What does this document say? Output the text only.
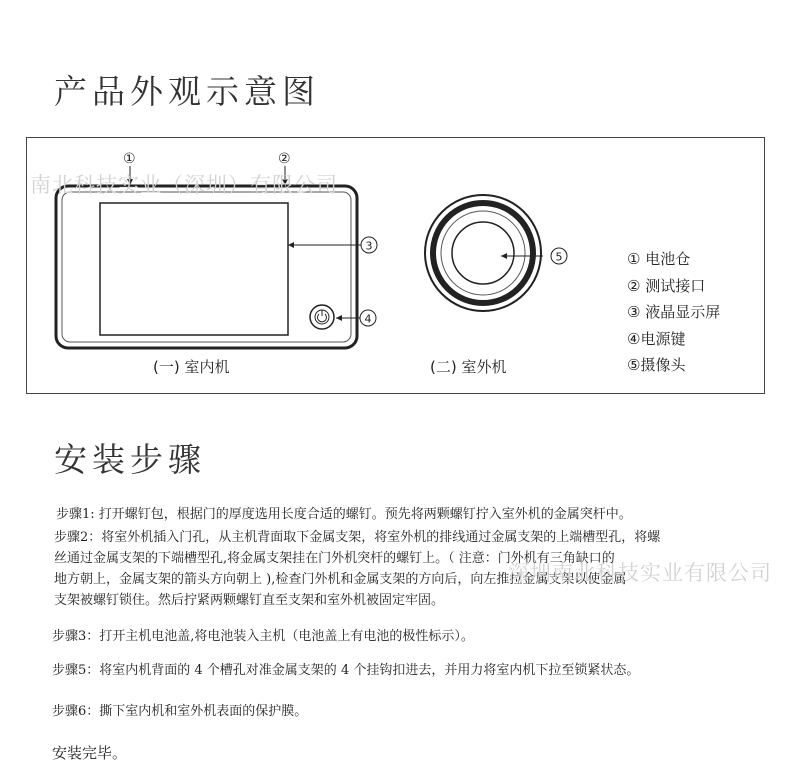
产品外观示意图
①	②
3
4
5
(一) 室内机	(二) 室外机
① 电池仓
② 测试接口
③ 液晶显示屏
④电源键
⑤摄像头
南北科技实业（深圳）有限公司
安装步骤
步骤1: 打开螺钉包，根据门的厚度选用长度合适的螺钉。预先将两颗螺钉拧入室外机的金属突杆中。
步骤2：将室外机插入门孔，从主机背面取下金属支架，将室外机的排线通过金属支架的上端槽型孔，将螺
丝通过金属支架的下端槽型孔,将金属支架挂在门外机突杆的螺钉上。（ 注意：门外机有三角缺口的
地方朝上，金属支架的箭头方向朝上 ),检查门外机和金属支架的方向后，向左推拉金属支架以使金属
支架被螺钉锁住。然后拧紧两颗螺钉直至支架和室外机被固定牢固。
深圳南北科技实业有限公司
步骤3：打开主机电池盖,将电池装入主机（电池盖上有电池的极性标示）。
步骤5：将室内机背面的 4 个槽孔对准金属支架的 4 个挂钩扣进去，并用力将室内机下拉至锁紧状态。
步骤6：撕下室内机和室外机表面的保护膜。
安装完毕。
